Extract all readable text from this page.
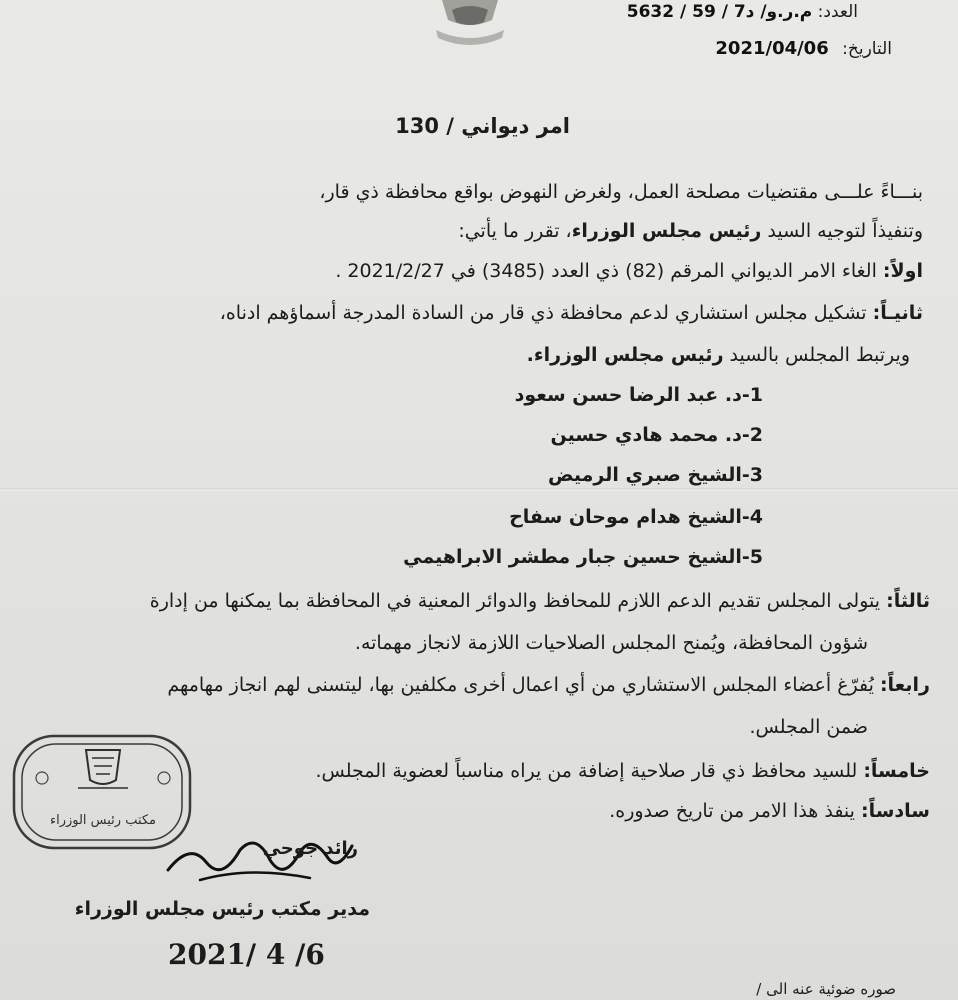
العدد: م.ر.و/ د7 / 59 / 5632
التاريخ: 2021/04/06
امر ديواني / 130
بنـــاءً علـــى مقتضيات مصلحة العمل، ولغرض النهوض بواقع محافظة ذي قار،
وتنفيذاً لتوجيه السيد رئيس مجلس الوزراء، تقرر ما يأتي:
اولاً: الغاء الامر الديواني المرقم (82) ذي العدد (3485) في 2021/2/27 .
ثانيـاً: تشكيل مجلس استشاري لدعم محافظة ذي قار من السادة المدرجة أسماؤهم ادناه،
ويرتبط المجلس بالسيد رئيس مجلس الوزراء.
1-د. عبد الرضا حسن سعود
2-د. محمد هادي حسين
3-الشيخ صبري الرميض
4-الشيخ هدام موحان سفاح
5-الشيخ حسين جبار مطشر الابراهيمي
ثالثاً: يتولى المجلس تقديم الدعم اللازم للمحافظ والدوائر المعنية في المحافظة بما يمكنها من إدارة
شؤون المحافظة، ويُمنح المجلس الصلاحيات اللازمة لانجاز مهماته.
رابعاً: يُفرّغ أعضاء المجلس الاستشاري من أي اعمال أخرى مكلفين بها، ليتسنى لهم انجاز مهامهم
ضمن المجلس.
خامساً: للسيد محافظ ذي قار صلاحية إضافة من يراه مناسباً لعضوية المجلس.
سادساً: ينفذ هذا الامر من تاريخ صدوره.
مكتب رئيس الوزراء
رائد جوحي
مدير مكتب رئيس مجلس الوزراء
2021/ 4 /6
صوره ضوئية عنه الى /
